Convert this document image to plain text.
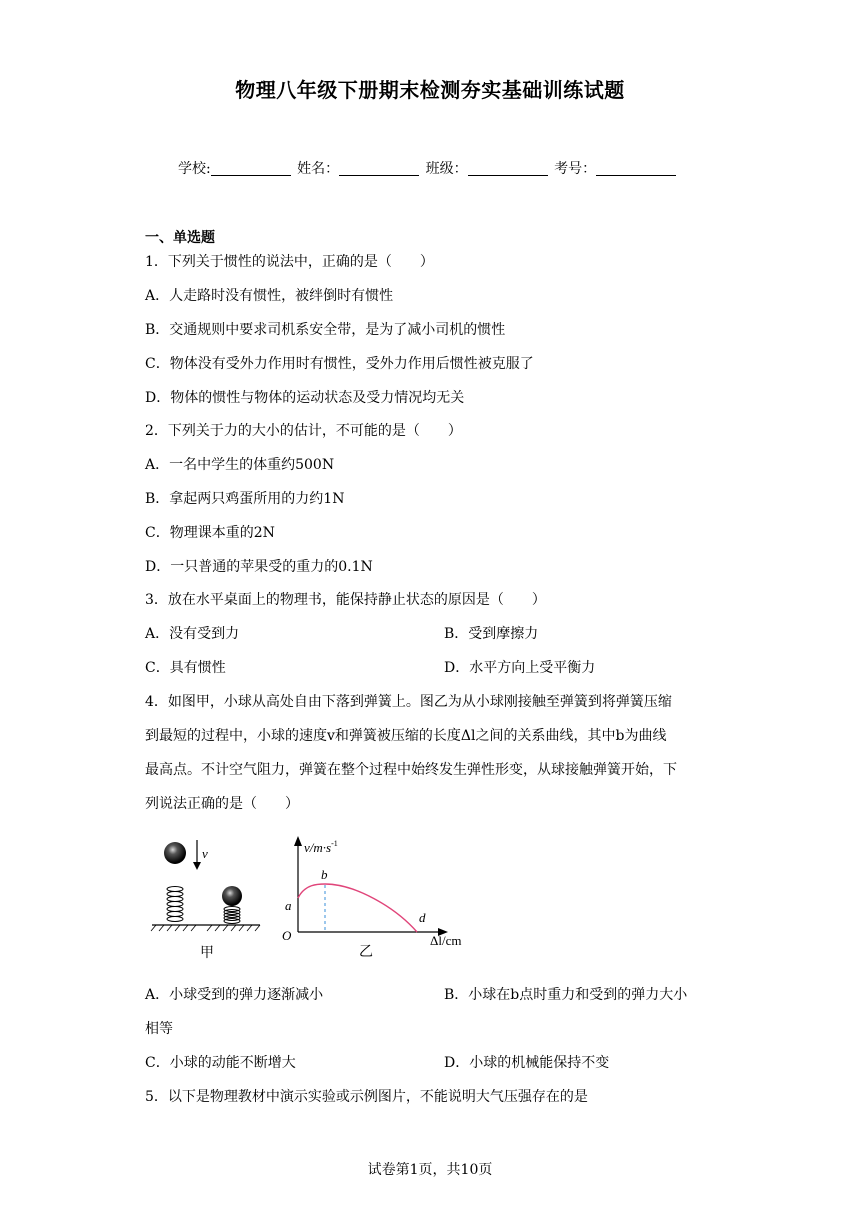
物理八年级下册期末检测夯实基础训练试题
学校:	姓名：	班级：	考号：
一、单选题
1．下列关于惯性的说法中，正确的是（　　）
A．人走路时没有惯性，被绊倒时有惯性
B．交通规则中要求司机系安全带，是为了减小司机的惯性
C．物体没有受外力作用时有惯性，受外力作用后惯性被克服了
D．物体的惯性与物体的运动状态及受力情况均无关
2．下列关于力的大小的估计，不可能的是（　　）
A．一名中学生的体重约500N
B．拿起两只鸡蛋所用的力约1N
C．物理课本重的2N
D．一只普通的苹果受的重力的0.1N
3．放在水平桌面上的物理书，能保持静止状态的原因是（　　）
A．没有受到力	B．受到摩擦力
C．具有惯性	D．水平方向上受平衡力
4．如图甲，小球从高处自由下落到弹簧上。图乙为从小球刚接触至弹簧到将弹簧压缩
到最短的过程中，小球的速度v和弹簧被压缩的长度Δl之间的关系曲线，其中b为曲线
最高点。不计空气阻力，弹簧在整个过程中始终发生弹性形变，从球接触弹簧开始，下
列说法正确的是（　　）
v
甲
$v/m\cdot s^{-1}$
Δl/cm
O
a
b
d
乙
A．小球受到的弹力逐渐减小	B．小球在b点时重力和受到的弹力大小
相等
C．小球的动能不断增大	D．小球的机械能保持不变
5．以下是物理教材中演示实验或示例图片，不能说明大气压强存在的是
试卷第1页，共10页
